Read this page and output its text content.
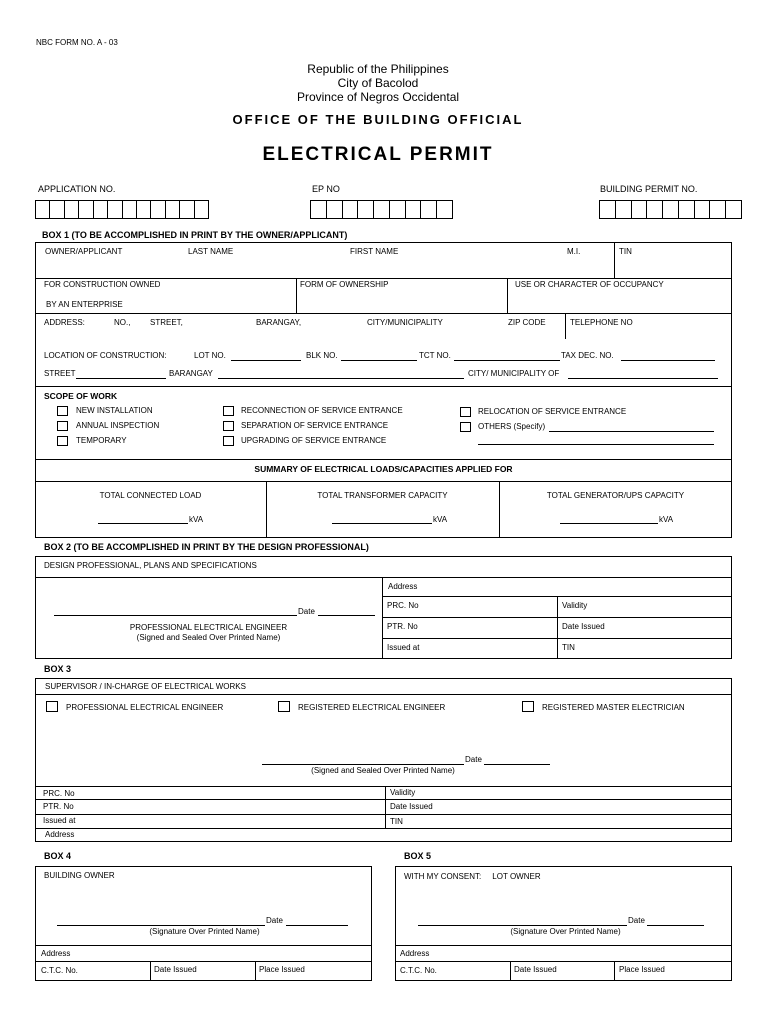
NBC FORM NO. A - 03
Republic of the Philippines
City of Bacolod
Province of Negros Occidental
OFFICE OF THE BUILDING OFFICIAL
ELECTRICAL PERMIT
APPLICATION NO.	EP NO	BUILDING PERMIT NO.
BOX 1 (TO BE ACCOMPLISHED IN PRINT BY THE OWNER/APPLICANT)
OWNER/APPLICANT	LAST NAME	FIRST NAME	M.I.	TIN
FOR CONSTRUCTION OWNED
BY AN ENTERPRISE
FORM OF OWNERSHIP	USE OR CHARACTER OF OCCUPANCY
ADDRESS:	NO., STREET,	BARANGAY,	CITY/MUNICIPALITY	ZIP CODE	TELEPHONE NO
LOCATION OF CONSTRUCTION:	LOT NO.	BLK NO.	TCT NO.	TAX DEC. NO.
STREET	BARANGAY	CITY/ MUNICIPALITY OF
SCOPE OF WORK
NEW INSTALLATION
ANNUAL INSPECTION
TEMPORARY
RECONNECTION OF SERVICE ENTRANCE
SEPARATION OF SERVICE ENTRANCE
UPGRADING OF SERVICE ENTRANCE
RELOCATION OF SERVICE ENTRANCE
OTHERS (Specify)
SUMMARY OF ELECTRICAL LOADS/CAPACITIES APPLIED FOR
TOTAL CONNECTED LOAD	TOTAL TRANSFORMER CAPACITY	TOTAL GENERATOR/UPS CAPACITY
kVA	kVA	kVA
BOX 2 (TO BE ACCOMPLISHED IN PRINT BY THE DESIGN PROFESSIONAL)
DESIGN PROFESSIONAL, PLANS AND SPECIFICATIONS
Date
PROFESSIONAL ELECTRICAL ENGINEER
(Signed and Sealed Over Printed Name)
Address
PRC. No	Validity
PTR. No	Date Issued
Issued at	TIN
BOX 3
SUPERVISOR / IN-CHARGE OF ELECTRICAL WORKS
PROFESSIONAL ELECTRICAL ENGINEER	REGISTERED ELECTRICAL ENGINEER	REGISTERED MASTER ELECTRICIAN
Date
(Signed and Sealed Over Printed Name)
PRC. No	Validity
PTR. No	Date Issued
Issued at	TIN
Address
BOX 4
BUILDING OWNER
Date
(Signature Over Printed Name)
Address
C.T.C. No.	Date Issued	Place Issued
BOX 5
WITH MY CONSENT:     LOT OWNER
Date
(Signature Over Printed Name)
Address
C.T.C. No.	Date Issued	Place Issued
